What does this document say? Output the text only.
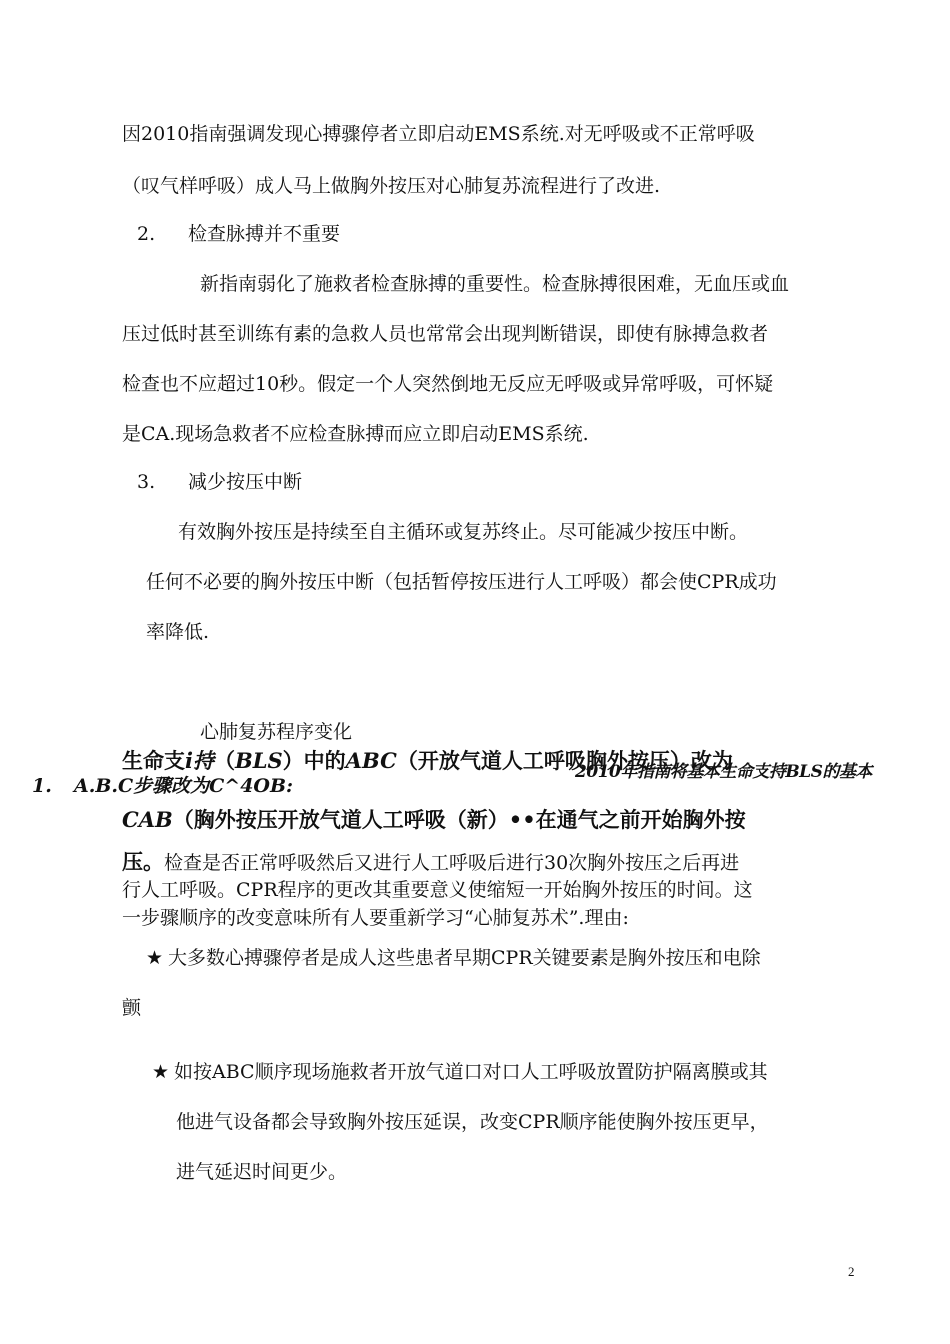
因2010指南强调发现心搏骤停者立即启动EMS系统.对无呼吸或不正常呼吸
（叹气样呼吸）成人马上做胸外按压对心肺复苏流程进行了改进.
2. 检查脉搏并不重要
新指南弱化了施救者检查脉搏的重要性。检查脉搏很困难，无血压或血
压过低时甚至训练有素的急救人员也常常会出现判断错误，即使有脉搏急救者
检查也不应超过10秒。假定一个人突然倒地无反应无呼吸或异常呼吸，可怀疑
是CA.现场急救者不应检查脉搏而应立即启动EMS系统.
3. 减少按压中断
有效胸外按压是持续至自主循环或复苏终止。尽可能减少按压中断。
任何不必要的胸外按压中断（包括暂停按压进行人工呼吸）都会使CPR成功
率降低.
心肺复苏程序变化
生命支i持（BLS）中的ABC（开放气道人工呼吸胸外按压）改为
2010年指南将基本生命支持BLS的基本
1. A.B.C步骤改为C^4OB:
CAB（胸外按压开放气道人工呼吸（新）••在通气之前开始胸外按
压。检查是否正常呼吸然后又进行人工呼吸后进行30次胸外按压之后再进
行人工呼吸。CPR程序的更改其重要意义使缩短一开始胸外按压的时间。这
一步骤顺序的改变意味所有人要重新学习“心肺复苏术”.理由:
★ 大多数心搏骤停者是成人这些患者早期CPR关键要素是胸外按压和电除
颤
★ 如按ABC顺序现场施救者开放气道口对口人工呼吸放置防护隔离膜或其
他进气设备都会导致胸外按压延误，改变CPR顺序能使胸外按压更早，
进气延迟时间更少。
2
